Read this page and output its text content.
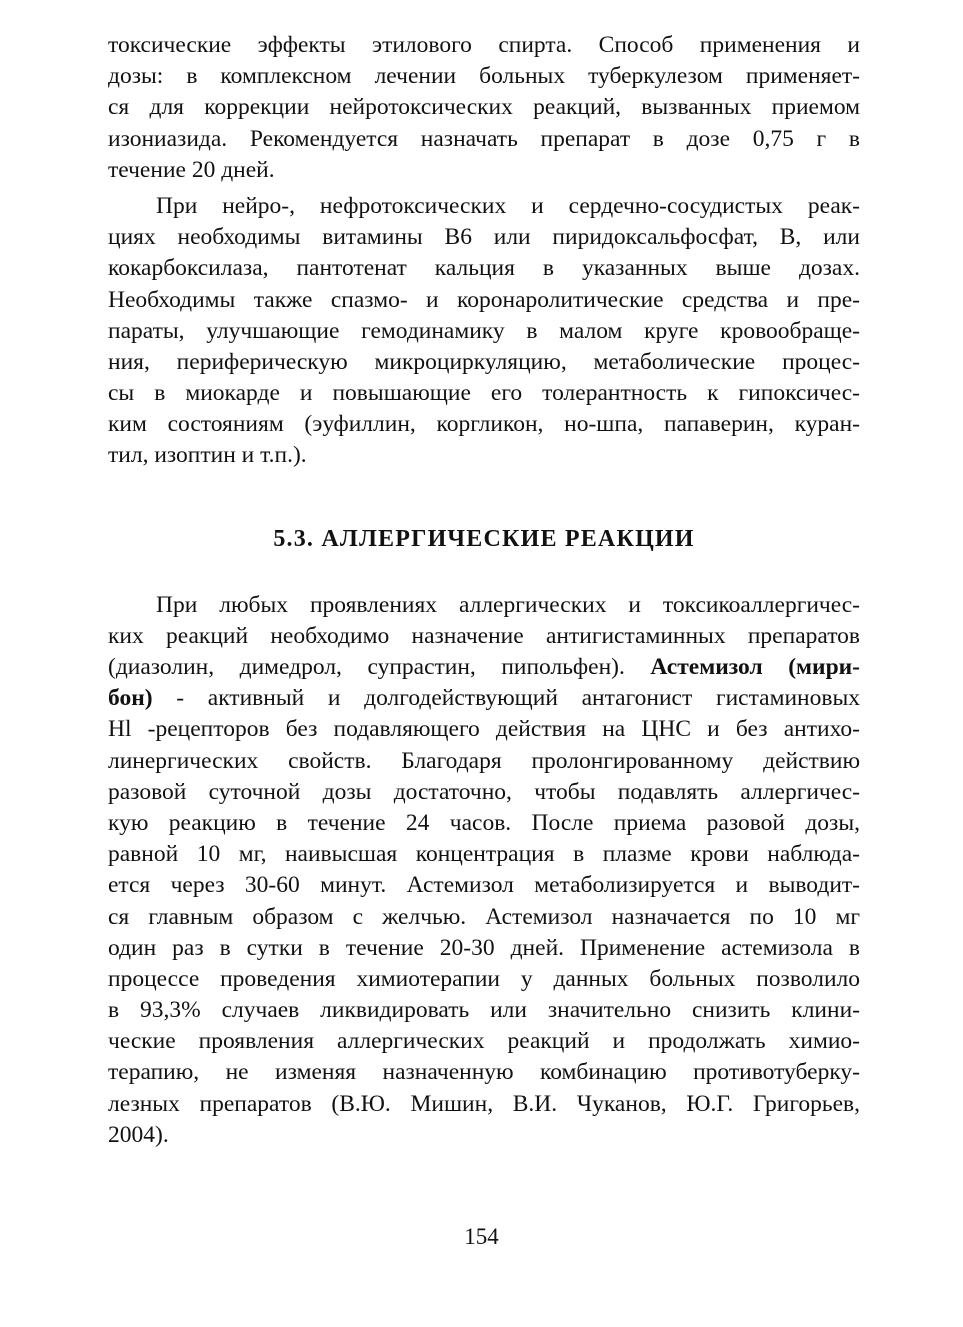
токсические эффекты этилового спирта. Способ применения и
дозы: в комплексном лечении больных туберкулезом применяет-
ся для коррекции нейротоксических реакций, вызванных приемом
изониазида. Рекомендуется назначать препарат в дозе 0,75 г в
течение 20 дней.
При нейро-, нефротоксических и сердечно-сосудистых реак-
циях необходимы витамины В6 или пиридоксальфосфат, В, или
кокарбоксилаза, пантотенат кальция в указанных выше дозах.
Необходимы также спазмо- и коронаролитические средства и пре-
параты, улучшающие гемодинамику в малом круге кровообраще-
ния, периферическую микроциркуляцию, метаболические процес-
сы в миокарде и повышающие его толерантность к гипоксичес-
ким состояниям (эуфиллин, коргликон, но-шпа, папаверин, куран-
тил, изоптин и т.п.).
5.3. АЛЛЕРГИЧЕСКИЕ РЕАКЦИИ
При любых проявлениях аллергических и токсикоаллергичес-
ких реакций необходимо назначение антигистаминных препаратов
(диазолин, димедрол, супрастин, пипольфен). Астемизол (мири-
бон) - активный и долгодействующий антагонист гистаминовых
Hl -рецепторов без подавляющего действия на ЦНС и без антихо-
линергических свойств. Благодаря пролонгированному действию
разовой суточной дозы достаточно, чтобы подавлять аллергичес-
кую реакцию в течение 24 часов. После приема разовой дозы,
равной 10 мг, наивысшая концентрация в плазме крови наблюда-
ется через 30-60 минут. Астемизол метаболизируется и выводит-
ся главным образом с желчью. Астемизол назначается по 10 мг
один раз в сутки в течение 20-30 дней. Применение астемизола в
процессе проведения химиотерапии у данных больных позволило
в 93,3% случаев ликвидировать или значительно снизить клини-
ческие проявления аллергических реакций и продолжать химио-
терапию, не изменяя назначенную комбинацию противотуберку-
лезных препаратов (В.Ю. Мишин, В.И. Чуканов, Ю.Г. Григорьев,
2004).
154
